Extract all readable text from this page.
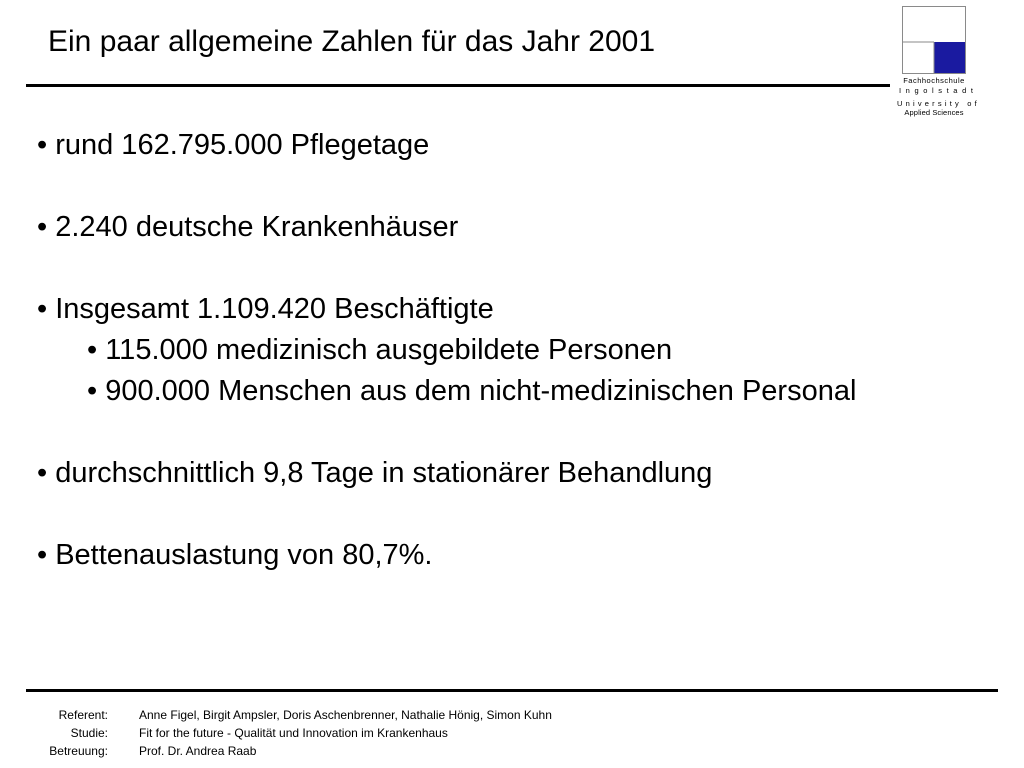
Ein paar allgemeine Zahlen für das Jahr 2001
Fachhochschule
Ingolstadt
University of
Applied Sciences
• rund 162.795.000 Pflegetage
• 2.240 deutsche Krankenhäuser
• Insgesamt 1.109.420 Beschäftigte
• 115.000 medizinisch ausgebildete Personen
• 900.000 Menschen aus dem nicht-medizinischen Personal
• durchschnittlich 9,8 Tage in stationärer Behandlung
• Bettenauslastung von 80,7%.
Referent:	Anne Figel, Birgit Ampsler, Doris Aschenbrenner, Nathalie Hönig, Simon Kuhn
Studie:	Fit for the future - Qualität und Innovation im Krankenhaus
Betreuung:	Prof. Dr. Andrea Raab
